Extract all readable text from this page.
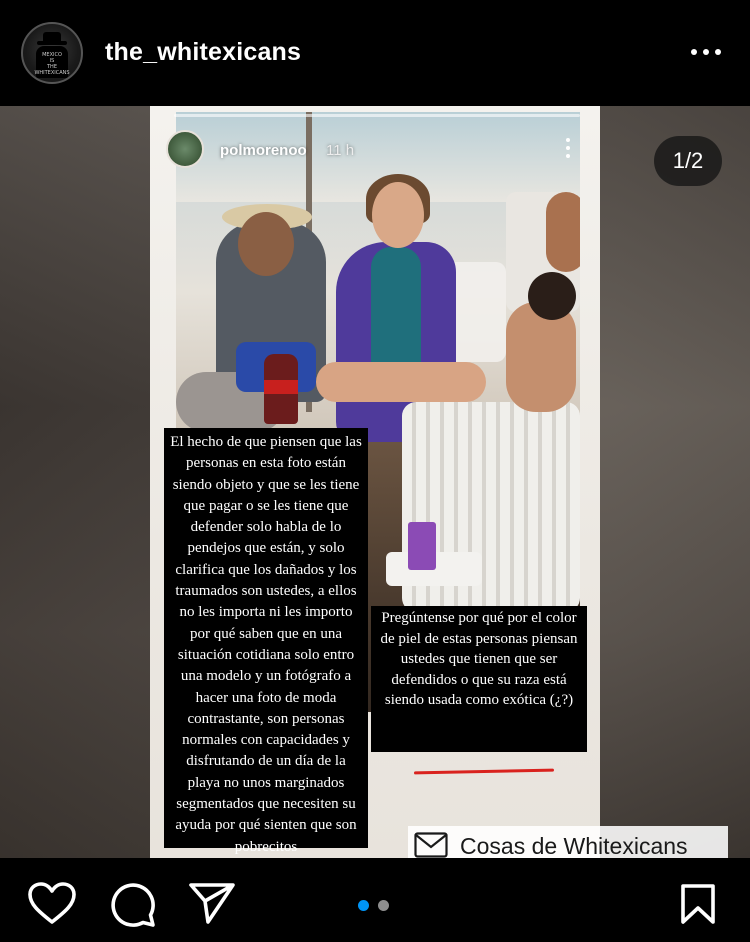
MEXICO
IS
THE
WHITEXICANS
the_whitexicans
polmorenoo 11 h
El hecho de que piensen que las personas en esta foto están siendo objeto y que se les tiene que pagar o se les tiene que defender solo habla de lo pendejos que están, y solo clarifica que los dañados y los traumados son ustedes, a ellos no les importa ni les importo por qué saben que en una situación cotidiana solo entro una modelo y un fotógrafo a hacer una foto de moda contrastante, son personas normales con capacidades y disfrutando de un día de la playa no unos marginados segmentados que necesiten su ayuda por qué sienten que son pobrecitos
Pregúntense por qué por el color de piel de estas personas piensan ustedes que tienen que ser defendidos o que su raza está siendo usada como exótica (¿?)
1/2
Cosas de Whitexicans
